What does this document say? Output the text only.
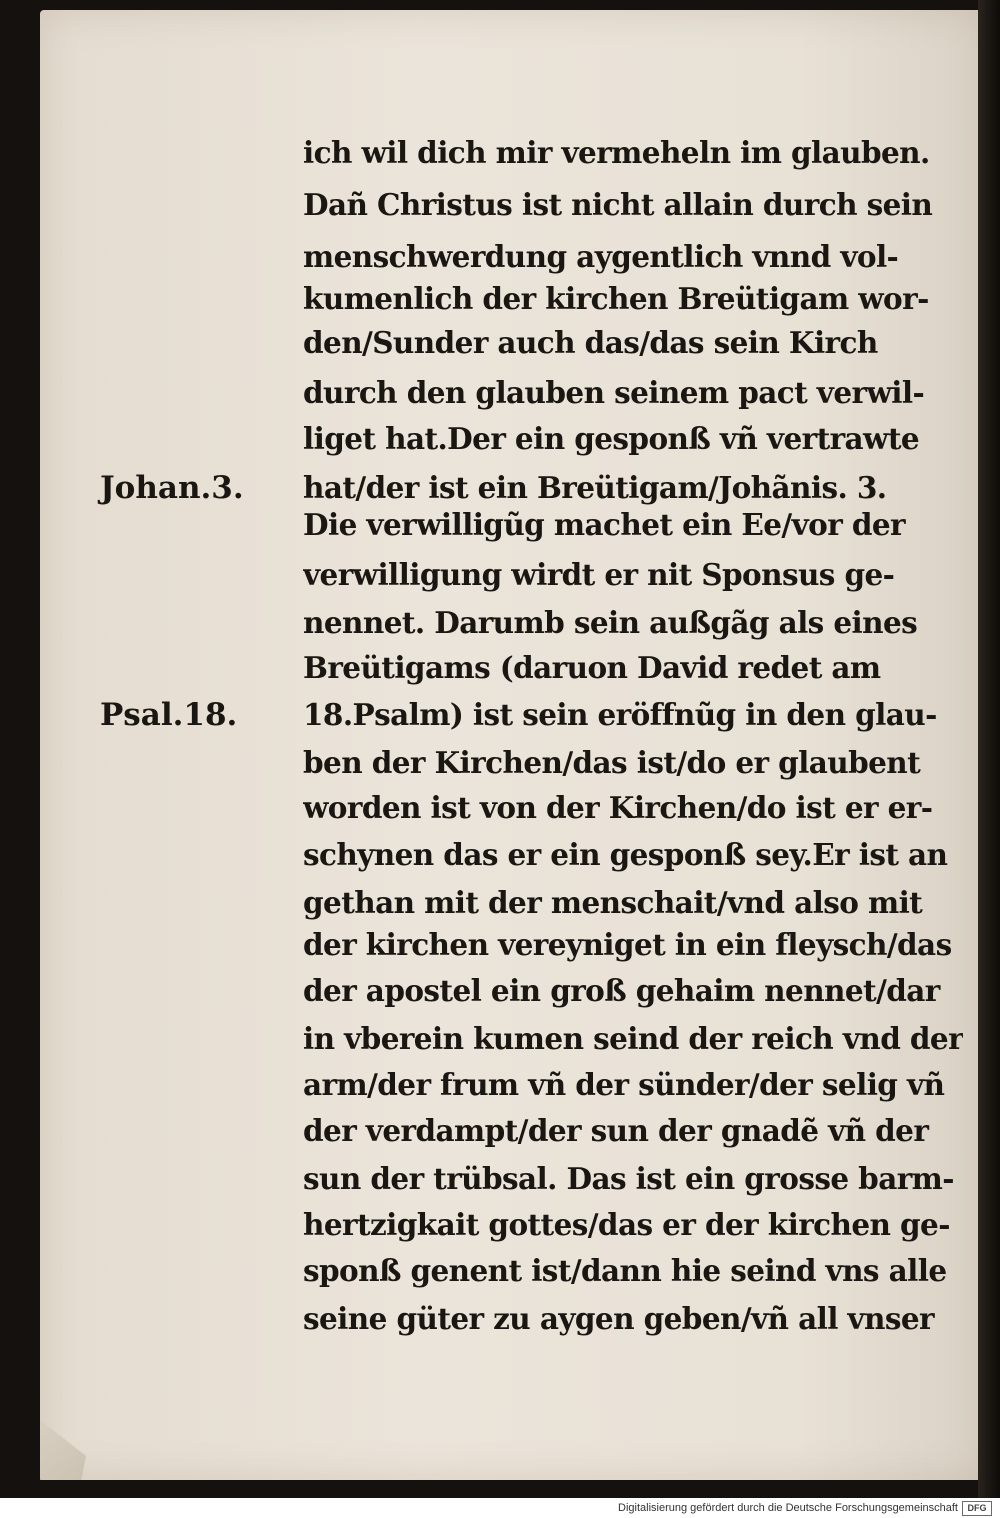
ich wil dich mir vermeheln im glauben.
Dañ Christus ist nicht allain durch sein
menschwerdung aygentlich vnnd vol-
kumenlich der kirchen Breütigam wor-
den/Sunder auch das/das sein Kirch
durch den glauben seinem pact verwil-
liget hat.Der ein gesponß vñ vertrawte
hat/der ist ein Breütigam/Johãnis. 3.
Die verwilligũg machet ein Ee/vor der
verwilligung wirdt er nit Sponsus ge-
nennet. Darumb sein außgãg als eines
Breütigams (daruon David redet am
18.Psalm) ist sein eröffnũg in den glau-
ben der Kirchen/das ist/do er glaubent
worden ist von der Kirchen/do ist er er-
schynen das er ein gesponß sey.Er ist an
gethan mit der menschait/vnd also mit
der kirchen vereyniget in ein fleysch/das
der apostel ein groß gehaim nennet/dar
in vberein kumen seind der reich vnd der
arm/der frum vñ der sünder/der selig vñ
der verdampt/der sun der gnadẽ vñ der
sun der trübsal. Das ist ein grosse barm-
hertzigkait gottes/das er der kirchen ge-
sponß genent ist/dann hie seind vns alle
seine güter zu aygen geben/vñ all vnser
Johan.3.
Psal.18.
Digitalisierung gefördert durch die Deutsche Forschungsgemeinschaft	DFG
